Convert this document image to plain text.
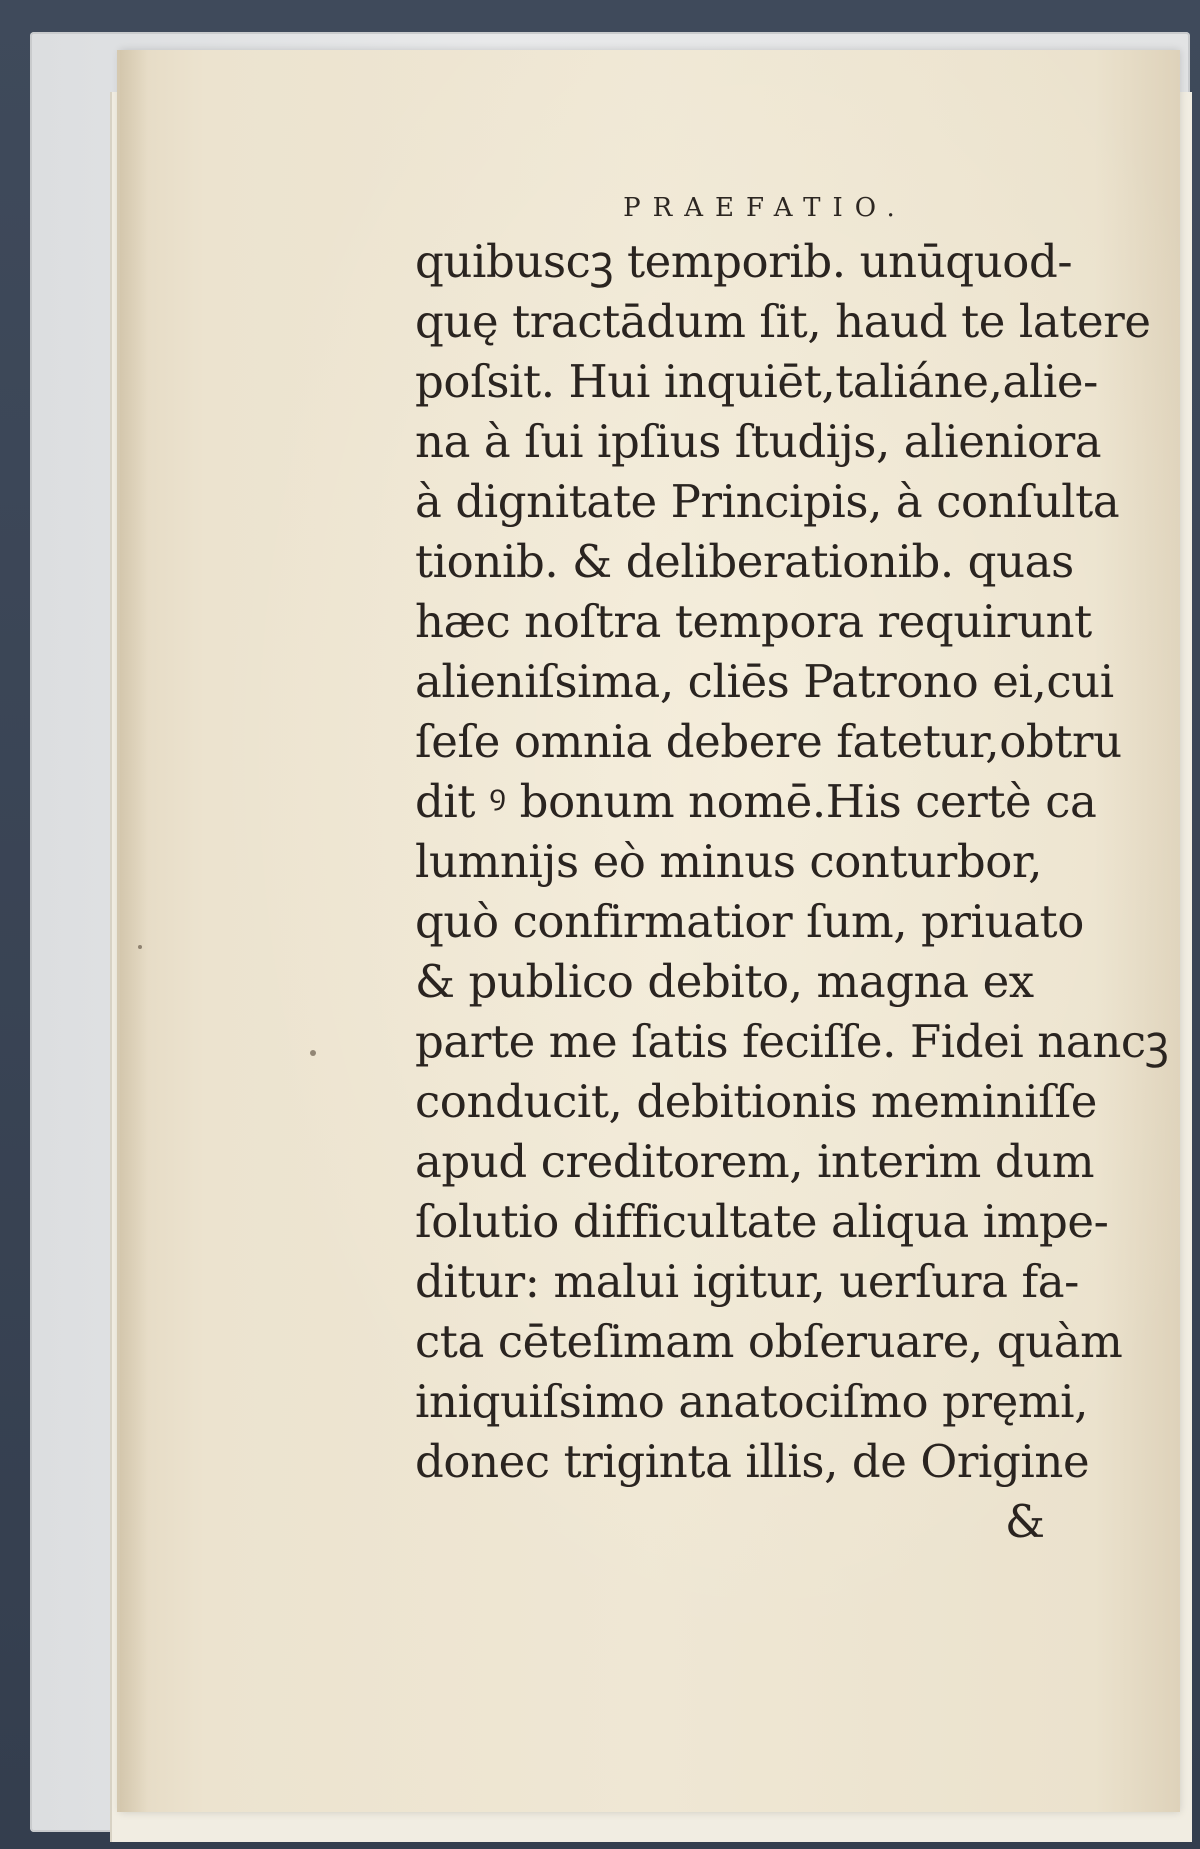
PRAEFATIO.
quibuscꝫ temporib. unūquod-
quę tractādum ſit, haud te latere
poſsit. Hui inquiēt,taliáne,alie-
na à ſui ipſius ſtudijs, alieniora
à dignitate Principis, à conſulta
tionib. & deliberationib. quas
hæc noſtra tempora requirunt
alieniſsima, cliēs Patrono ei,cui
ſeſe omnia debere fatetur,obtru
dit ꝰ bonum nomē.His certè ca
lumnijs eò minus conturbor,
quò confirmatior ſum, priuato
& publico debito, magna ex
parte me ſatis feciſſe. Fidei nancꝫ
conducit, debitionis meminiſſe
apud creditorem, interim dum
ſolutio difficultate aliqua impe-
ditur: malui igitur, uerſura fa-
cta cēteſimam obſeruare, quàm
iniquiſsimo anatociſmo pręmi,
donec triginta illis, de Origine
&
